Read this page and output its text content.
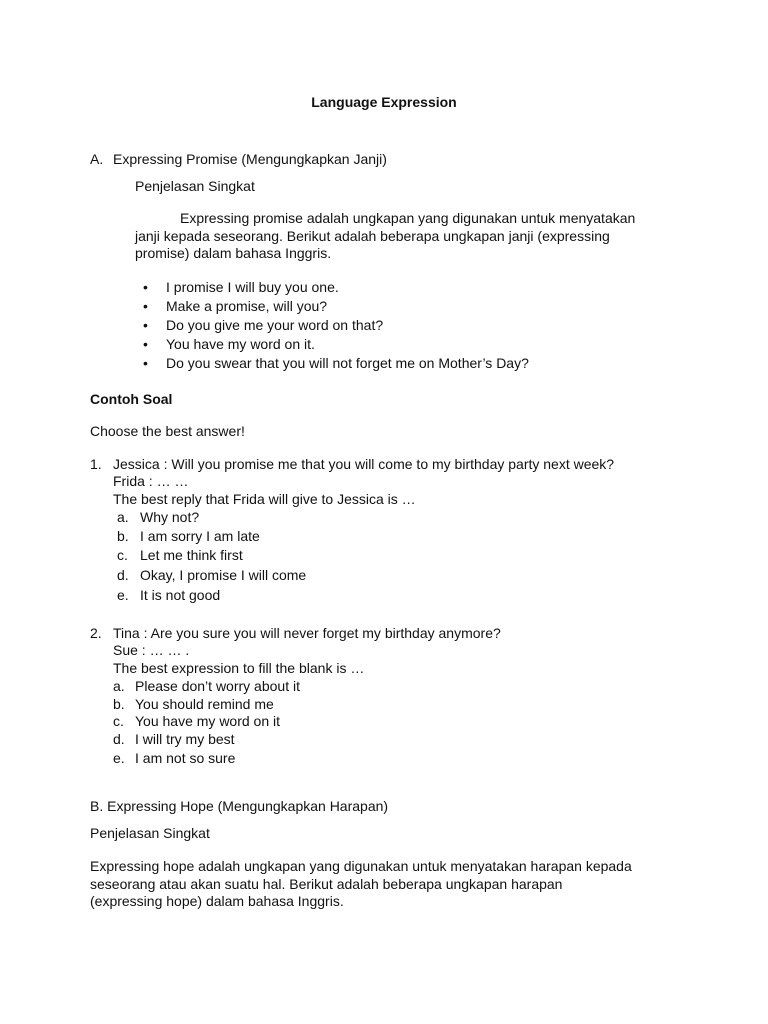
Language Expression
A. Expressing Promise (Mengungkapkan Janji)
Penjelasan Singkat
Expressing promise adalah ungkapan yang digunakan untuk menyatakan
janji kepada seseorang. Berikut adalah beberapa ungkapan janji (expressing
promise) dalam bahasa Inggris.
• I promise I will buy you one.
• Make a promise, will you?
• Do you give me your word on that?
• You have my word on it.
• Do you swear that you will not forget me on Mother’s Day?
Contoh Soal
Choose the best answer!
1. Jessica : Will you promise me that you will come to my birthday party next week?
Frida : … …
The best reply that Frida will give to Jessica is …
a. Why not?
b. I am sorry I am late
c. Let me think first
d. Okay, I promise I will come
e. It is not good
2. Tina : Are you sure you will never forget my birthday anymore?
Sue : … … .
The best expression to fill the blank is …
a. Please don’t worry about it
b. You should remind me
c. You have my word on it
d. I will try my best
e. I am not so sure
B. Expressing Hope (Mengungkapkan Harapan)
Penjelasan Singkat
Expressing hope adalah ungkapan yang digunakan untuk menyatakan harapan kepada
seseorang atau akan suatu hal. Berikut adalah beberapa ungkapan harapan
(expressing hope) dalam bahasa Inggris.
